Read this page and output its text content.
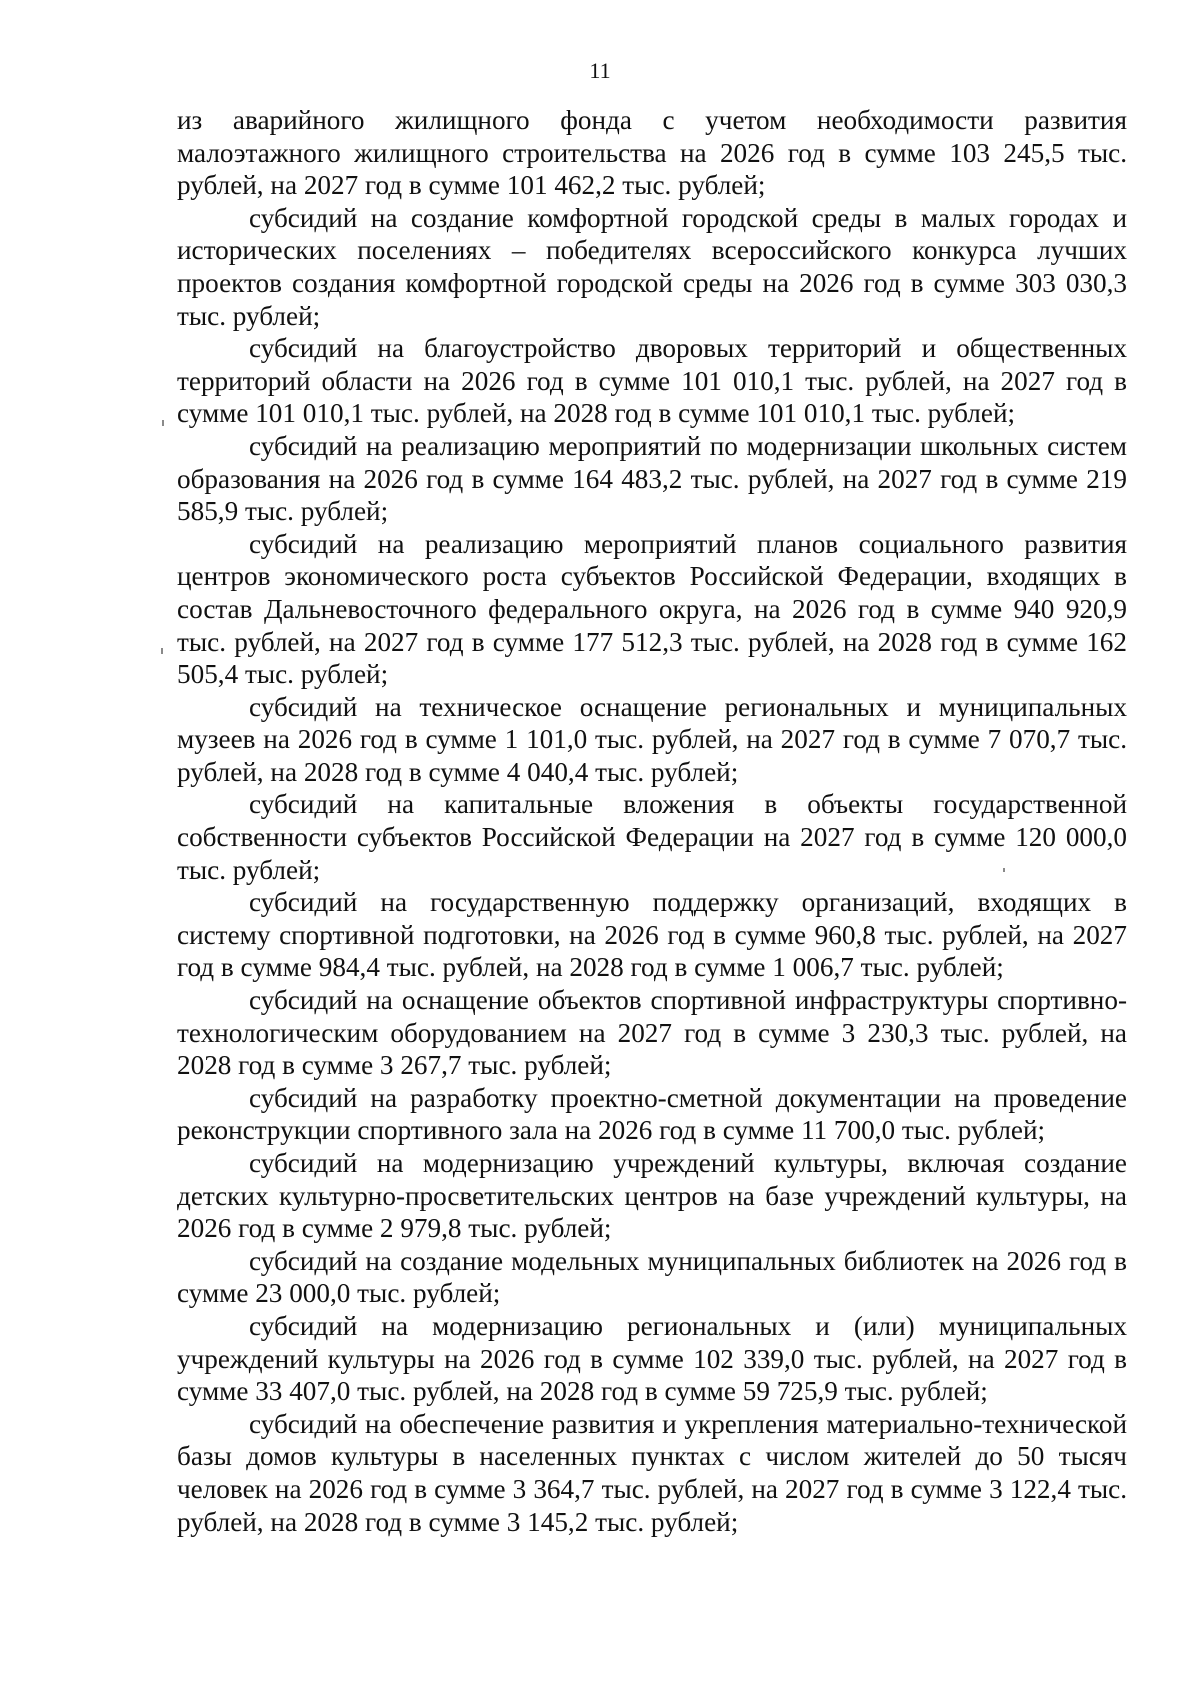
11

из аварийного жилищного фонда с учетом необходимости развития малоэтажного жилищного строительства на 2026 год в сумме 103 245,5 тыс. рублей, на 2027 год в сумме 101 462,2 тыс. рублей;

субсидий на создание комфортной городской среды в малых городах и исторических поселениях – победителях всероссийского конкурса лучших проектов создания комфортной городской среды на 2026 год в сумме 303 030,3 тыс. рублей;

субсидий на благоустройство дворовых территорий и общественных территорий области на 2026 год в сумме 101 010,1 тыс. рублей, на 2027 год в сумме 101 010,1 тыс. рублей, на 2028 год в сумме 101 010,1 тыс. рублей;

субсидий на реализацию мероприятий по модернизации школьных систем образования на 2026 год в сумме 164 483,2 тыс. рублей, на 2027 год в сумме 219 585,9 тыс. рублей;

субсидий на реализацию мероприятий планов социального развития центров экономического роста субъектов Российской Федерации, входящих в состав Дальневосточного федерального округа, на 2026 год в сумме 940 920,9 тыс. рублей, на 2027 год в сумме 177 512,3 тыс. рублей, на 2028 год в сумме 162 505,4 тыс. рублей;

субсидий на техническое оснащение региональных и муниципальных музеев на 2026 год в сумме 1 101,0 тыс. рублей, на 2027 год в сумме 7 070,7 тыс. рублей, на 2028 год в сумме 4 040,4 тыс. рублей;

субсидий на капитальные вложения в объекты государственной собственности субъектов Российской Федерации на 2027 год в сумме 120 000,0 тыс. рублей;

субсидий на государственную поддержку организаций, входящих в систему спортивной подготовки, на 2026 год в сумме 960,8 тыс. рублей, на 2027 год в сумме 984,4 тыс. рублей, на 2028 год в сумме 1 006,7 тыс. рублей;

субсидий на оснащение объектов спортивной инфраструктуры спортивно-технологическим оборудованием на 2027 год в сумме 3 230,3 тыс. рублей, на 2028 год в сумме 3 267,7 тыс. рублей;

субсидий на разработку проектно-сметной документации на проведение реконструкции спортивного зала на 2026 год в сумме 11 700,0 тыс. рублей;

субсидий на модернизацию учреждений культуры, включая создание детских культурно-просветительских центров на базе учреждений культуры, на 2026 год в сумме 2 979,8 тыс. рублей;

субсидий на создание модельных муниципальных библиотек на 2026 год в сумме 23 000,0 тыс. рублей;

субсидий на модернизацию региональных и (или) муниципальных учреждений культуры на 2026 год в сумме 102 339,0 тыс. рублей, на 2027 год в сумме 33 407,0 тыс. рублей, на 2028 год в сумме 59 725,9 тыс. рублей;

субсидий на обеспечение развития и укрепления материально-технической базы домов культуры в населенных пунктах с числом жителей до 50 тысяч человек на 2026 год в сумме 3 364,7 тыс. рублей, на 2027 год в сумме 3 122,4 тыс. рублей, на 2028 год в сумме 3 145,2 тыс. рублей;
